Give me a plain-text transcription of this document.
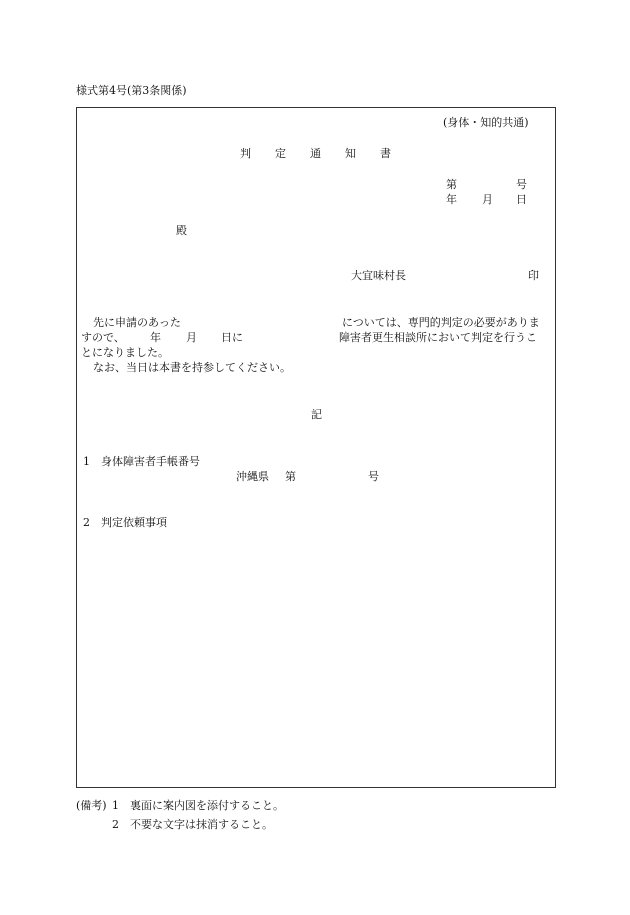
様式第4号(第3条関係)
(身体・知的共通)
判定通知書
第	号
年 月 日
殿
大宜味村長	印
先に申請のあった	については、専門的判定の必要がありま
すので、 年 月 日に	障害者更生相談所において判定を行うこ
とになりました。
なお、当日は本書を持参してください。
記
1　身体障害者手帳番号
沖縄県 第	号
2　判定依頼事項
(備考) 1　裏面に案内図を添付すること。
2　不要な文字は抹消すること。
